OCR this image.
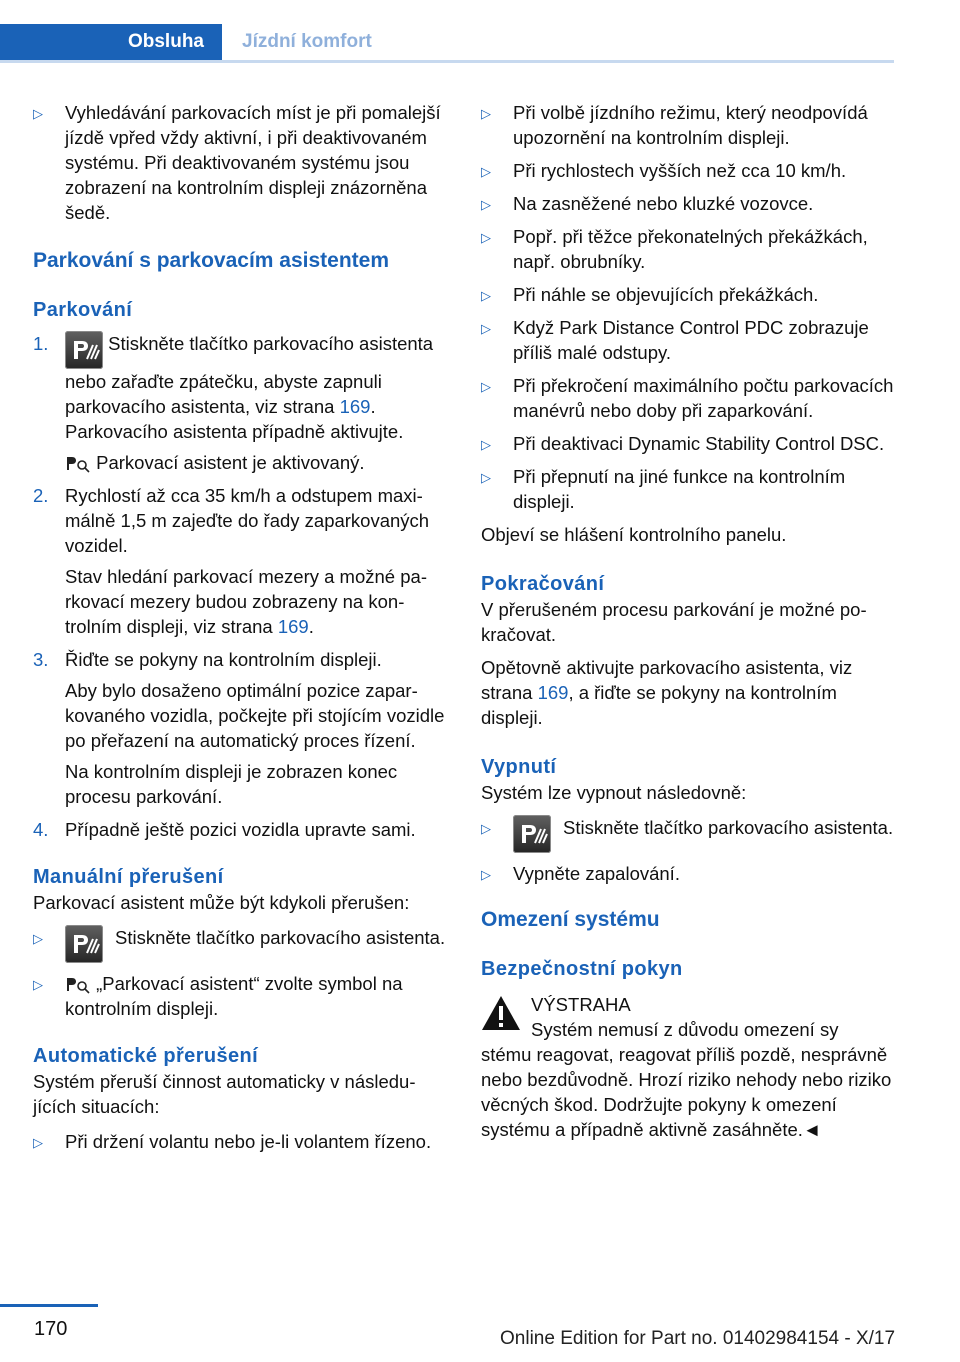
Obsluha	Jízdní komfort
▷ Vyhledávání parkovacích míst je při pomalejší jízdě vpřed vždy aktivní, i při deaktivovaném systému. Při deaktivovaném systému jsou zobrazení na kontrolním displeji znázorněna šedě.
Parkování s parkovacím asistentem
Parkování
1.	Stiskněte tlačítko parkovacího asistenta nebo zařaďte zpátečku, abyste zapnuli parkovacího asistenta, viz strana 169.

Parkovacího asistenta případně aktivujte.

Parkovací asistent je aktivovaný.

2. Rychlostí až cca 35 km/h a odstupem maximálně 1,5 m zajeďte do řady zaparkovaných vozidel.

Stav hledání parkovací mezery a možné parkovací mezery budou zobrazeny na kontrolním displeji, viz strana 169.

3. Řiďte se pokyny na kontrolním displeji.

Aby bylo dosaženo optimální pozice zaparkovaného vozidla, počkejte při stojícím vozidle po přeřazení na automatický proces řízení.

Na kontrolním displeji je zobrazen konec procesu parkování.

4. Případně ještě pozici vozidla upravte sami.

Manuální přerušení

Parkovací asistent může být kdykoli přerušen:

▷	Stiskněte tlačítko parkovacího asistenta.
▷	„Parkovací asistent“ zvolte symbol na kontrolním displeji.
Automatické přerušení

Systém přeruší činnost automaticky v následujících situacích:

▷ Při držení volantu nebo je-li volantem řízeno.
▷ Při volbě jízdního režimu, který neodpovídá upozornění na kontrolním displeji.
▷ Při rychlostech vyšších než cca 10 km/h.
▷ Na zasněžené nebo kluzké vozovce.
▷ Popř. při těžce překonatelných překážkách, např. obrubníky.
▷ Při náhle se objevujících překážkách.
▷ Když Park Distance Control PDC zobrazuje příliš malé odstupy.
▷ Při překročení maximálního počtu parkovacích manévrů nebo doby při zaparkování.
▷ Při deaktivaci Dynamic Stability Control DSC.
▷ Při přepnutí na jiné funkce na kontrolním displeji.

Objeví se hlášení kontrolního panelu.

Pokračování

V přerušeném procesu parkování je možné pokračovat.

Opětovně aktivujte parkovacího asistenta, viz strana 169, a řiďte se pokyny na kontrolním displeji.

Vypnutí

Systém lze vypnout následovně:

▷	Stiskněte tlačítko parkovacího asistenta.
▷ Vypněte zapalování.
Omezení systému
Bezpečnostní pokyn

VÝSTRAHA

Systém nemusí z důvodu omezení sy

stému reagovat, reagovat příliš pozdě, nesprávně nebo bezdůvodně. Hrozí riziko nehody nebo riziko věcných škod. Dodržujte pokyny k omezení systému a případně aktivně zasáhněte.◄

170	Online Edition for Part no. 01402984154 - X/17
